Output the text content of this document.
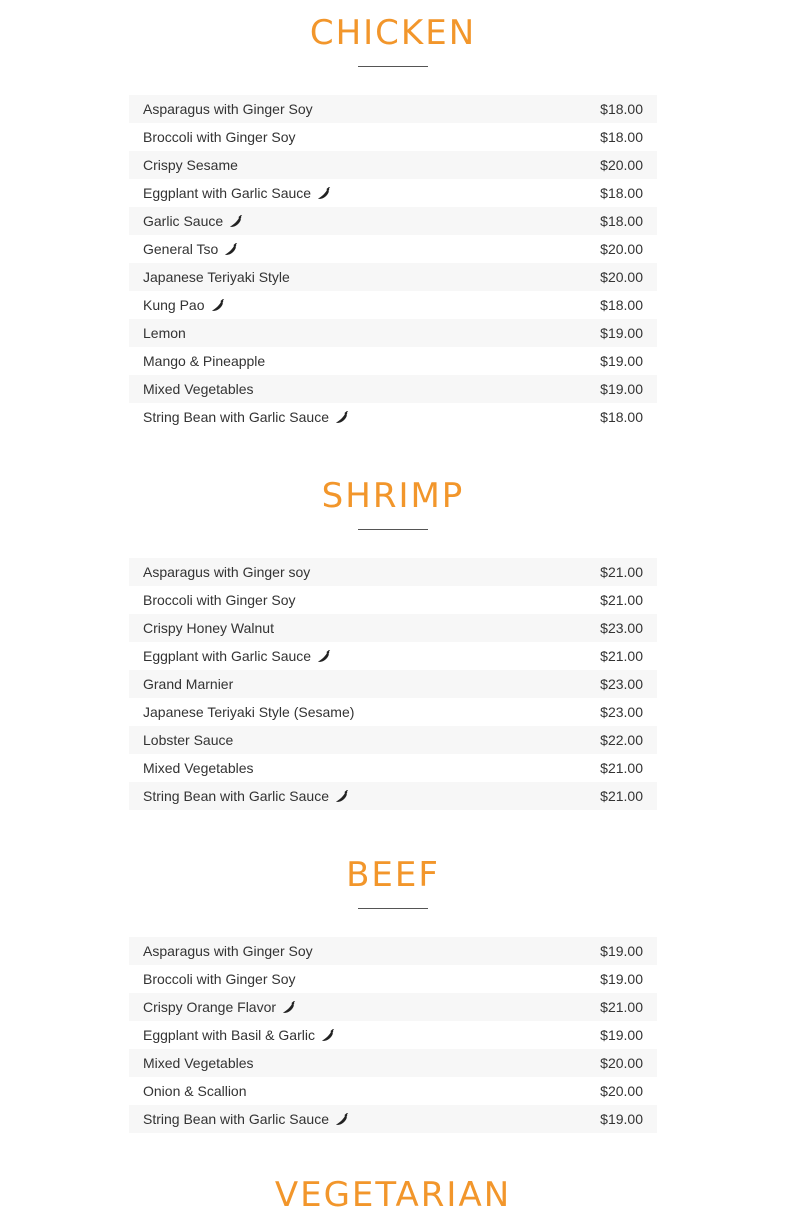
CHICKEN
Asparagus with Ginger Soy	$18.00
Broccoli with Ginger Soy	$18.00
Crispy Sesame	$20.00
Eggplant with Garlic Sauce	$18.00
Garlic Sauce	$18.00
General Tso	$20.00
Japanese Teriyaki Style	$20.00
Kung Pao	$18.00
Lemon	$19.00
Mango & Pineapple	$19.00
Mixed Vegetables	$19.00
String Bean with Garlic Sauce	$18.00
SHRIMP
Asparagus with Ginger soy	$21.00
Broccoli with Ginger Soy	$21.00
Crispy Honey Walnut	$23.00
Eggplant with Garlic Sauce	$21.00
Grand Marnier	$23.00
Japanese Teriyaki Style (Sesame)	$23.00
Lobster Sauce	$22.00
Mixed Vegetables	$21.00
String Bean with Garlic Sauce	$21.00
BEEF
Asparagus with Ginger Soy	$19.00
Broccoli with Ginger Soy	$19.00
Crispy Orange Flavor	$21.00
Eggplant with Basil & Garlic	$19.00
Mixed Vegetables	$20.00
Onion & Scallion	$20.00
String Bean with Garlic Sauce	$19.00
VEGETARIAN
